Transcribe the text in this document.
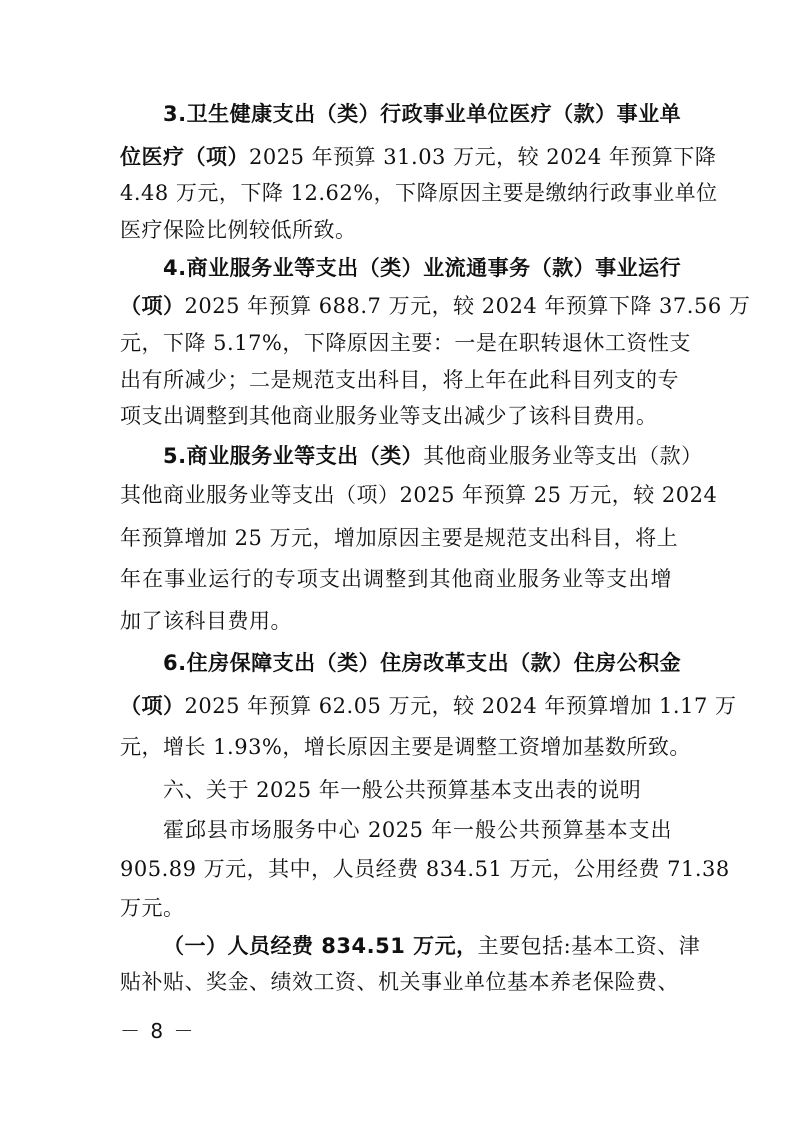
3.卫生健康支出（类）行政事业单位医疗（款）事业单
位医疗（项）2025 年预算 31.03 万元，较 2024 年预算下降
4.48 万元，下降 12.62%，下降原因主要是缴纳行政事业单位
医疗保险比例较低所致。
4.商业服务业等支出（类）业流通事务（款）事业运行
（项）2025 年预算 688.7 万元，较 2024 年预算下降 37.56 万
元，下降 5.17%，下降原因主要：一是在职转退休工资性支
出有所减少；二是规范支出科目，将上年在此科目列支的专
项支出调整到其他商业服务业等支出减少了该科目费用。
5.商业服务业等支出（类）其他商业服务业等支出（款）
其他商业服务业等支出（项）2025 年预算 25 万元，较 2024
年预算增加 25 万元，增加原因主要是规范支出科目，将上
年在事业运行的专项支出调整到其他商业服务业等支出增
加了该科目费用。
6.住房保障支出（类）住房改革支出（款）住房公积金
（项）2025 年预算 62.05 万元，较 2024 年预算增加 1.17 万
元，增长 1.93%，增长原因主要是调整工资增加基数所致。
六、关于 2025 年一般公共预算基本支出表的说明
霍邱县市场服务中心 2025 年一般公共预算基本支出
905.89 万元，其中，人员经费 834.51 万元，公用经费 71.38
万元。
（一）人员经费 834.51 万元，主要包括:基本工资、津
贴补贴、奖金、绩效工资、机关事业单位基本养老保险费、
－ 8 －
